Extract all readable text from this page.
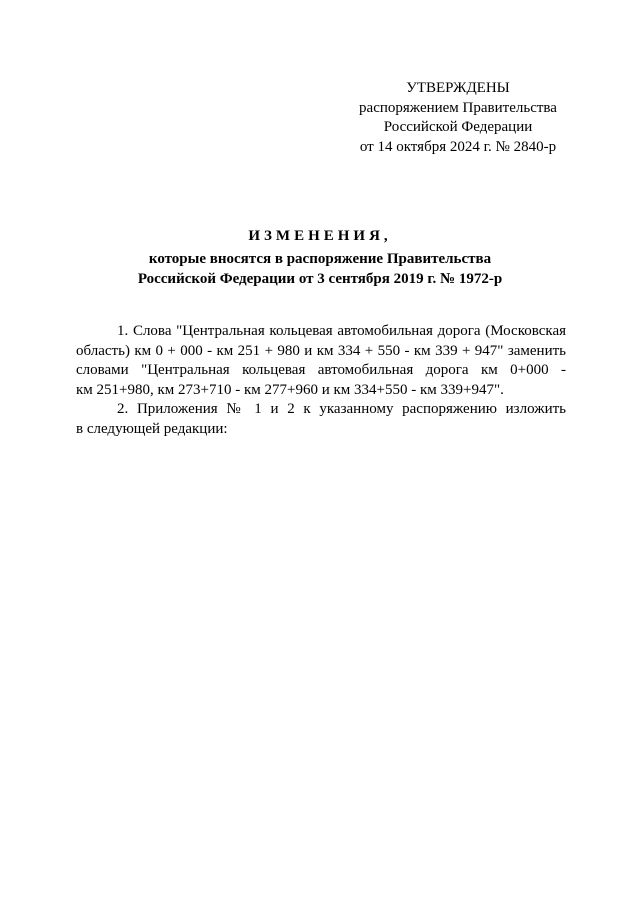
УТВЕРЖДЕНЫ
распоряжением Правительства
Российской Федерации
от 14 октября 2024 г. № 2840-р
ИЗМЕНЕНИЯ,
которые вносятся в распоряжение Правительства
Российской Федерации от 3 сентября 2019 г. № 1972-р
1. Слова "Центральная кольцевая автомобильная дорога (Московская
область) км 0 + 000 - км 251 + 980 и км 334 + 550 - км 339 + 947" заменить
словами "Центральная кольцевая автомобильная дорога км 0+000 -
км 251+980, км 273+710 - км 277+960 и км 334+550 - км 339+947".
2. Приложения № 1 и 2 к указанному распоряжению изложить
в следующей редакции:
